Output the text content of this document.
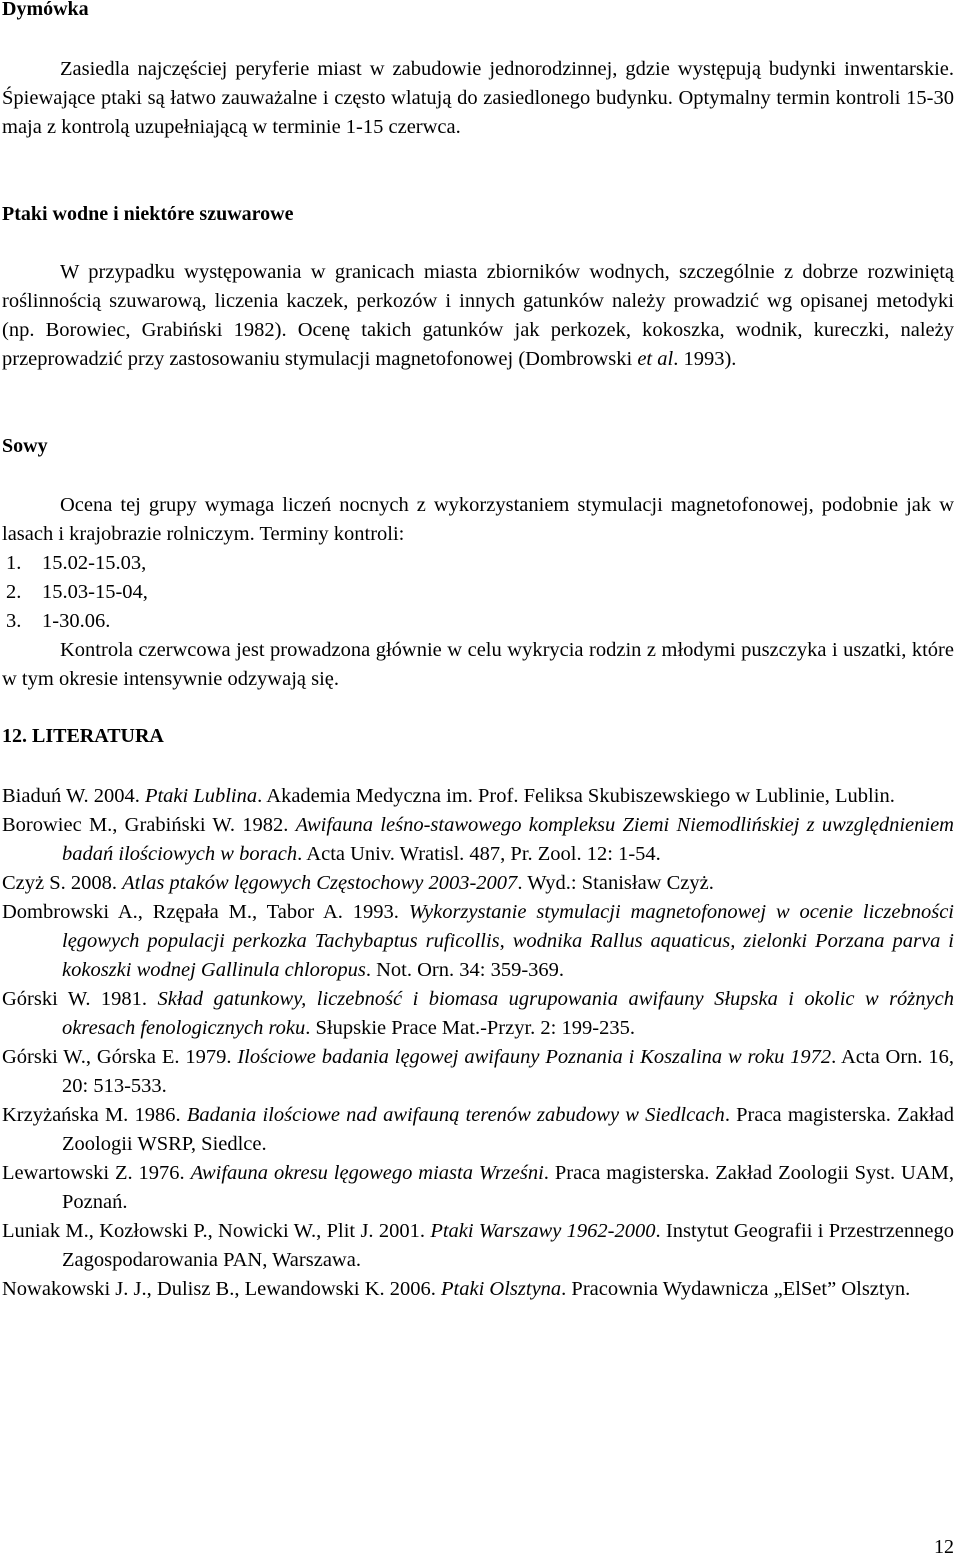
Dymówka

Zasiedla najczęściej peryferie miast w zabudowie jednorodzinnej, gdzie występują budynki inwentarskie. Śpiewające ptaki są łatwo zauważalne i często wlatują do zasiedlonego budynku. Optymalny termin kontroli 15-30 maja z kontrolą uzupełniającą w terminie 1-15 czerwca.

Ptaki wodne i niektóre szuwarowe

W przypadku występowania w granicach miasta zbiorników wodnych, szczególnie z dobrze rozwiniętą roślinnością szuwarową, liczenia kaczek, perkozów i innych gatunków należy prowadzić wg opisanej metodyki (np. Borowiec, Grabiński 1982). Ocenę takich gatunków jak perkozek, kokoszka, wodnik, kureczki, należy przeprowadzić przy zastosowaniu stymulacji magnetofonowej (Dombrowski et al. 1993).

Sowy

Ocena tej grupy wymaga liczeń nocnych z wykorzystaniem stymulacji magnetofonowej, podobnie jak w lasach i krajobrazie rolniczym. Terminy kontroli:

1. 15.02-15.03,
2. 15.03-15-04,
3. 1-30.06.

Kontrola czerwcowa jest prowadzona głównie w celu wykrycia rodzin z młodymi puszczyka i uszatki, które w tym okresie intensywnie odzywają się.

12. LITERATURA
Biaduń W. 2004. Ptaki Lublina. Akademia Medyczna im. Prof. Feliksa Skubiszewskiego w Lublinie, Lublin.
Borowiec M., Grabiński W. 1982. Awifauna leśno-stawowego kompleksu Ziemi Niemodlińskiej z uwzględnieniem badań ilościowych w borach. Acta Univ. Wratisl. 487, Pr. Zool. 12: 1-54.
Czyż S. 2008. Atlas ptaków lęgowych Częstochowy 2003-2007. Wyd.: Stanisław Czyż.
Dombrowski A., Rzępała M., Tabor A. 1993. Wykorzystanie stymulacji magnetofonowej w ocenie liczebności lęgowych populacji perkozka Tachybaptus ruficollis, wodnika Rallus aquaticus, zielonki Porzana parva i kokoszki wodnej Gallinula chloropus. Not. Orn. 34: 359-369.
Górski W. 1981. Skład gatunkowy, liczebność i biomasa ugrupowania awifauny Słupska i okolic w różnych okresach fenologicznych roku. Słupskie Prace Mat.-Przyr. 2: 199-235.
Górski W., Górska E. 1979. Ilościowe badania lęgowej awifauny Poznania i Koszalina w roku 1972. Acta Orn. 16, 20: 513-533.
Krzyżańska M. 1986. Badania ilościowe nad awifauną terenów zabudowy w Siedlcach. Praca magisterska. Zakład Zoologii WSRP, Siedlce.
Lewartowski Z. 1976. Awifauna okresu lęgowego miasta Wrześni. Praca magisterska. Zakład Zoologii Syst. UAM, Poznań.
Luniak M., Kozłowski P., Nowicki W., Plit J. 2001. Ptaki Warszawy 1962-2000. Instytut Geografii i Przestrzennego Zagospodarowania PAN, Warszawa.
Nowakowski J. J., Dulisz B., Lewandowski K. 2006. Ptaki Olsztyna. Pracownia Wydawnicza „ElSet” Olsztyn.
12
